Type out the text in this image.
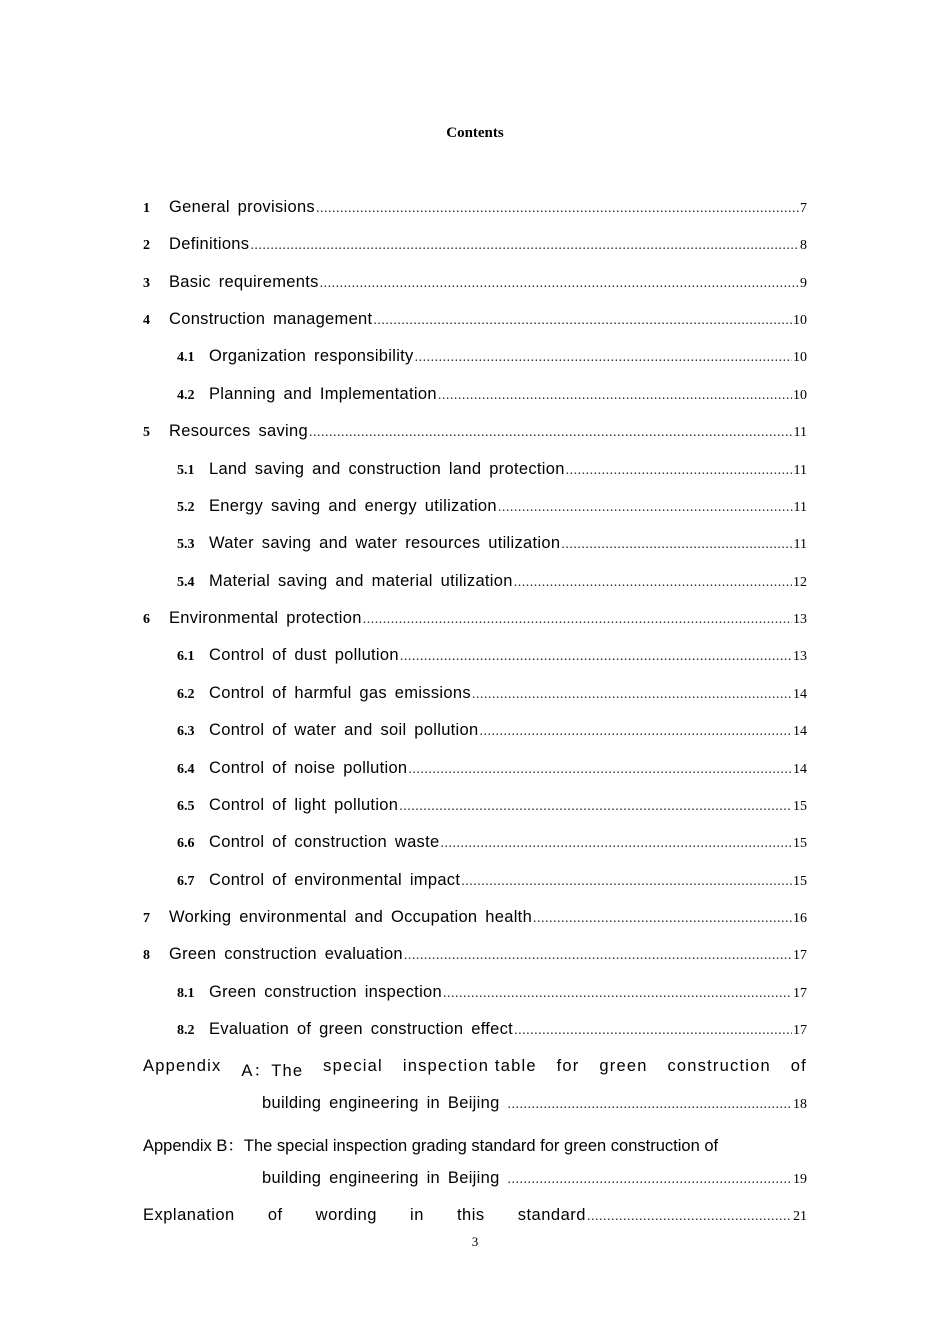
Contents
1	General provisions .....	7
2	Definitions .....	8
3	Basic requirements .....	9
4	Construction management .....	10
4.1 Organization responsibility .....	10
4.2 Planning and Implementation .....	10
5	Resources saving .....	11
5.1 Land saving and construction land protection .....	11
5.2 Energy saving and energy utilization .....	11
5.3 Water saving and water resources utilization .....	11
5.4 Material saving and material utilization .....	12
6	Environmental protection .....	13
6.1 Control of dust pollution .....	13
6.2 Control of harmful gas emissions .....	14
6.3 Control of water and soil pollution .....	14
6.4 Control of noise pollution .....	14
6.5 Control of light pollution .....	15
6.6 Control of construction waste .....	15
6.7 Control of environmental impact .....	15
7	Working environmental and Occupation health .....	16
8	Green construction evaluation .....	17
8.1 Green construction inspection .....	17
8.2 Evaluation of green construction effect .....	17
Appendix A：The special inspection table for green construction of
building engineering in Beijing .....	18
Appendix B：The special inspection grading standard for green construction of
building engineering in Beijing .....	19
Explanation of wording in this standard .....	21
3
